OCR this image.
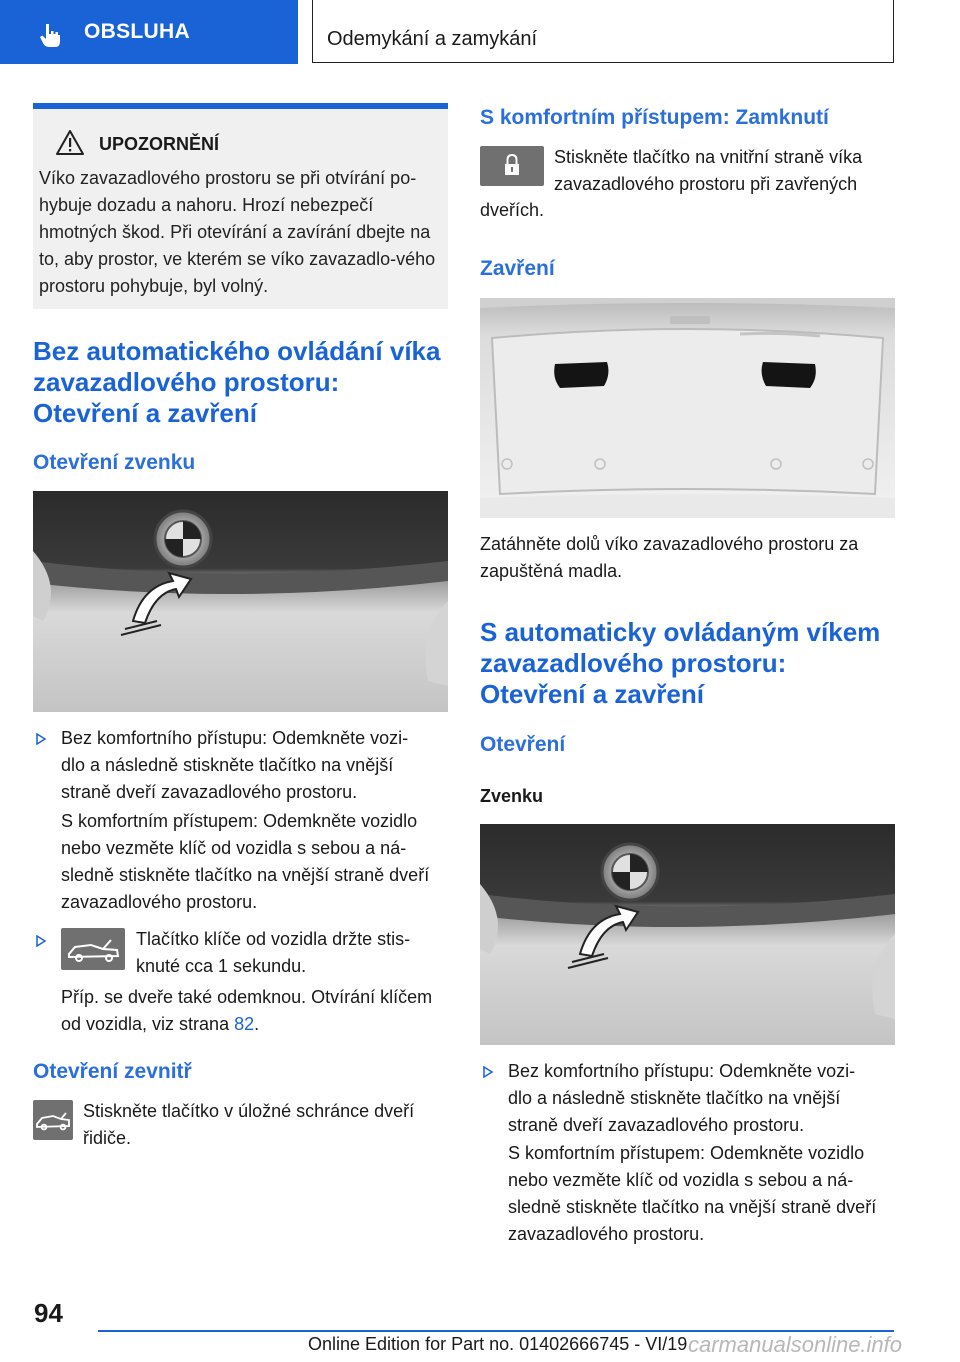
OBSLUHA	Odemykání a zamykání
UPOZORNĚNÍ
Víko zavazadlového prostoru se při otvírání po-hybuje dozadu a nahoru. Hrozí nebezpečí hmotných škod. Při otevírání a zavírání dbejte na to, aby prostor, ve kterém se víko zavazadlo-vého prostoru pohybuje, byl volný.
Bez automatického ovládání víka
zavazadlového prostoru:
Otevření a zavření
Otevření zvenku
Bez komfortního přístupu: Odemkněte vozi-
dlo a následně stiskněte tlačítko na vnější
straně dveří zavazadlového prostoru.
S komfortním přístupem: Odemkněte vozidlo
nebo vezměte klíč od vozidla s sebou a ná-
sledně stiskněte tlačítko na vnější straně dveří
zavazadlového prostoru.
Tlačítko klíče od vozidla držte stis-
knuté cca 1 sekundu.
Příp. se dveře také odemknou. Otvírání klíčem
od vozidla, viz strana 82.
Otevření zevnitř
Stiskněte tlačítko v úložné schránce dveří
řidiče.
S komfortním přístupem: Zamknutí
Stiskněte tlačítko na vnitřní straně víka
zavazadlového prostoru při zavřených
dveřích.
Zavření
Zatáhněte dolů víko zavazadlového prostoru za
zapuštěná madla.
S automaticky ovládaným víkem
zavazadlového prostoru:
Otevření a zavření
Otevření
Zvenku
Bez komfortního přístupu: Odemkněte vozi-
dlo a následně stiskněte tlačítko na vnější
straně dveří zavazadlového prostoru.
S komfortním přístupem: Odemkněte vozidlo
nebo vezměte klíč od vozidla s sebou a ná-
sledně stiskněte tlačítko na vnější straně dveří
zavazadlového prostoru.
94
Online Edition for Part no. 01402666745 - VI/19 carmanualsonline.info
